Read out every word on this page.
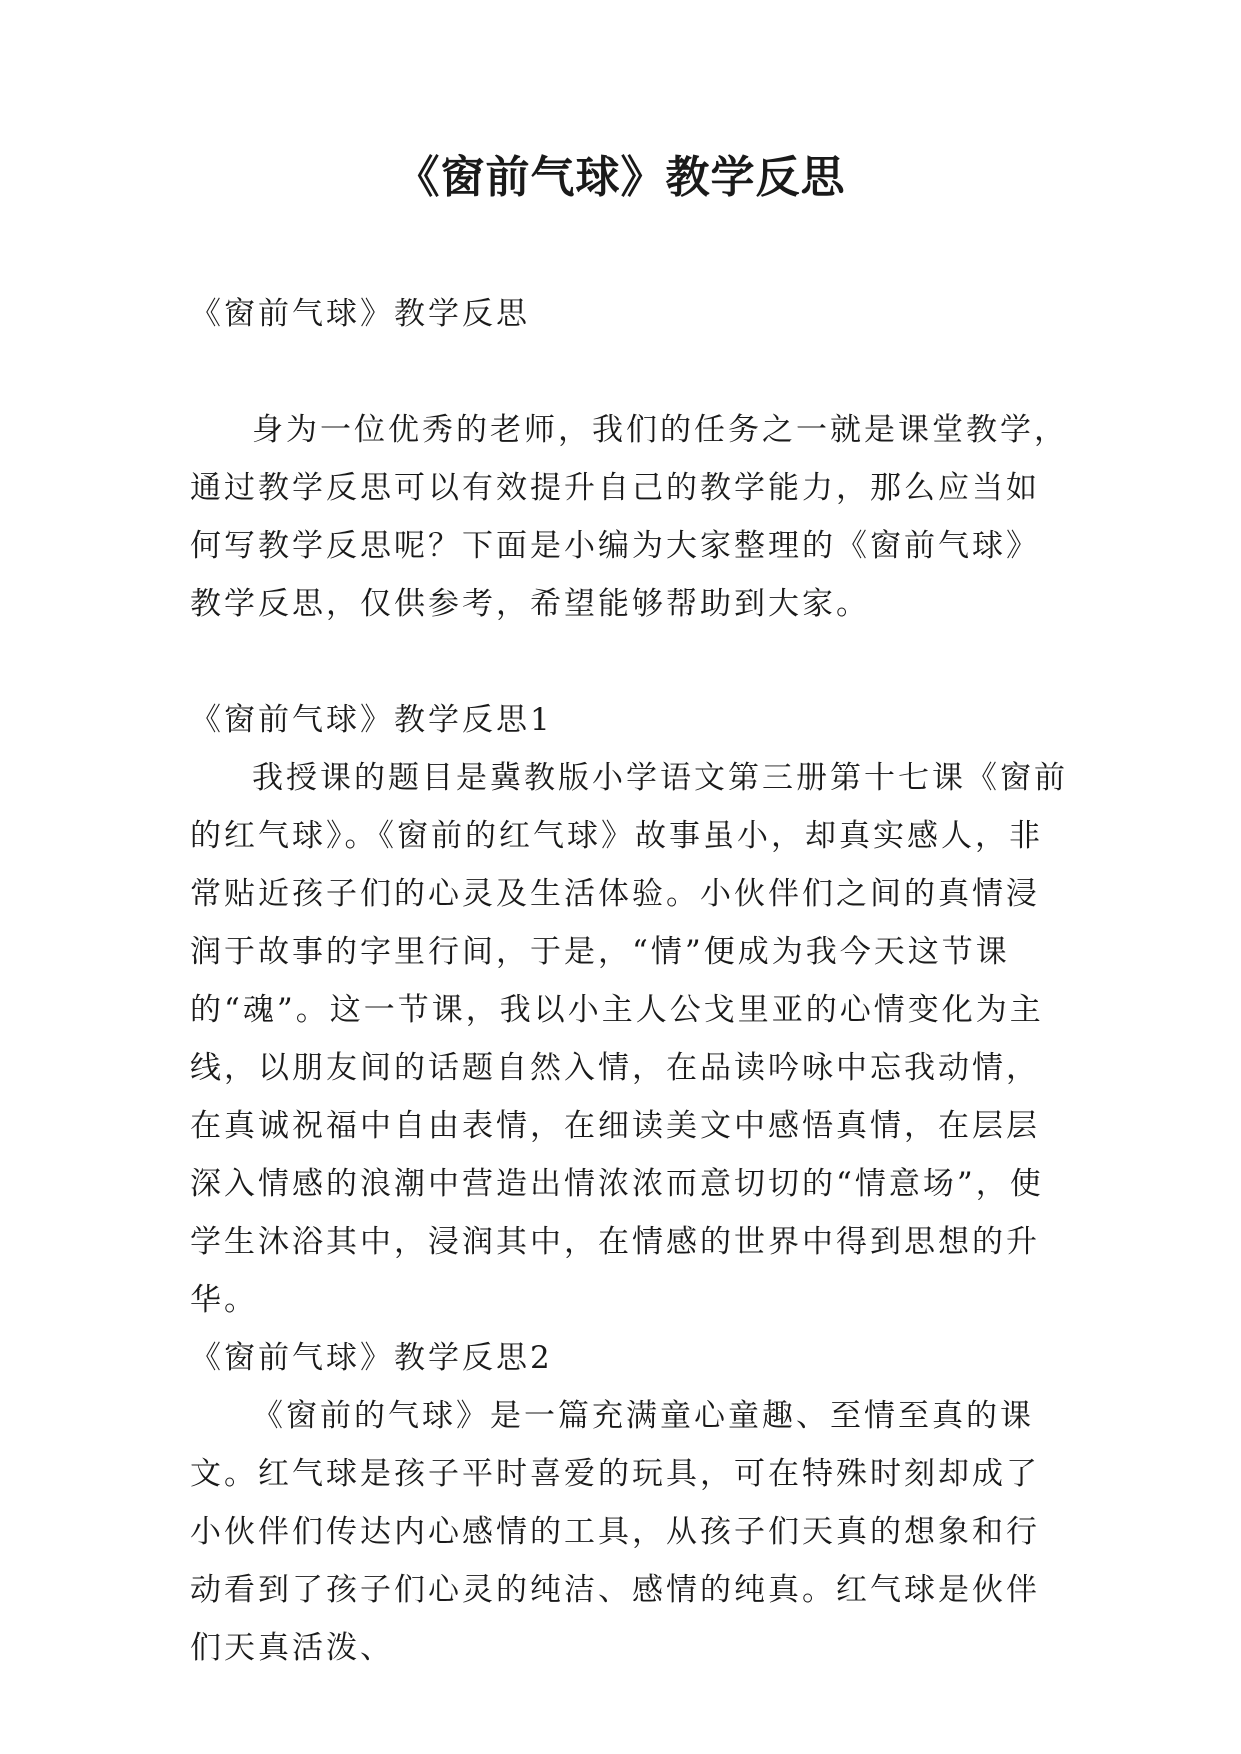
《窗前气球》教学反思

《窗前气球》教学反思

身为一位优秀的老师，我们的任务之一就是课堂教学，通过教学反思可以有效提升自己的教学能力，那么应当如何写教学反思呢？下面是小编为大家整理的《窗前气球》教学反思，仅供参考，希望能够帮助到大家。

《窗前气球》教学反思1

我授课的题目是冀教版小学语文第三册第十七课《窗前的红气球》。《窗前的红气球》故事虽小，却真实感人，非常贴近孩子们的心灵及生活体验。小伙伴们之间的真情浸润于故事的字里行间，于是，“情”便成为我今天这节课的“魂”。这一节课，我以小主人公戈里亚的心情变化为主线，以朋友间的话题自然入情，在品读吟咏中忘我动情，在真诚祝福中自由表情，在细读美文中感悟真情，在层层深入情感的浪潮中营造出情浓浓而意切切的“情意场”，使学生沐浴其中，浸润其中，在情感的世界中得到思想的升华。

《窗前气球》教学反思2

《窗前的气球》是一篇充满童心童趣、至情至真的课文。红气球是孩子平时喜爱的玩具，可在特殊时刻却成了小伙伴们传达内心感情的工具，从孩子们天真的想象和行动看到了孩子们心灵的纯洁、感情的纯真。红气球是伙伴们天真活泼、
